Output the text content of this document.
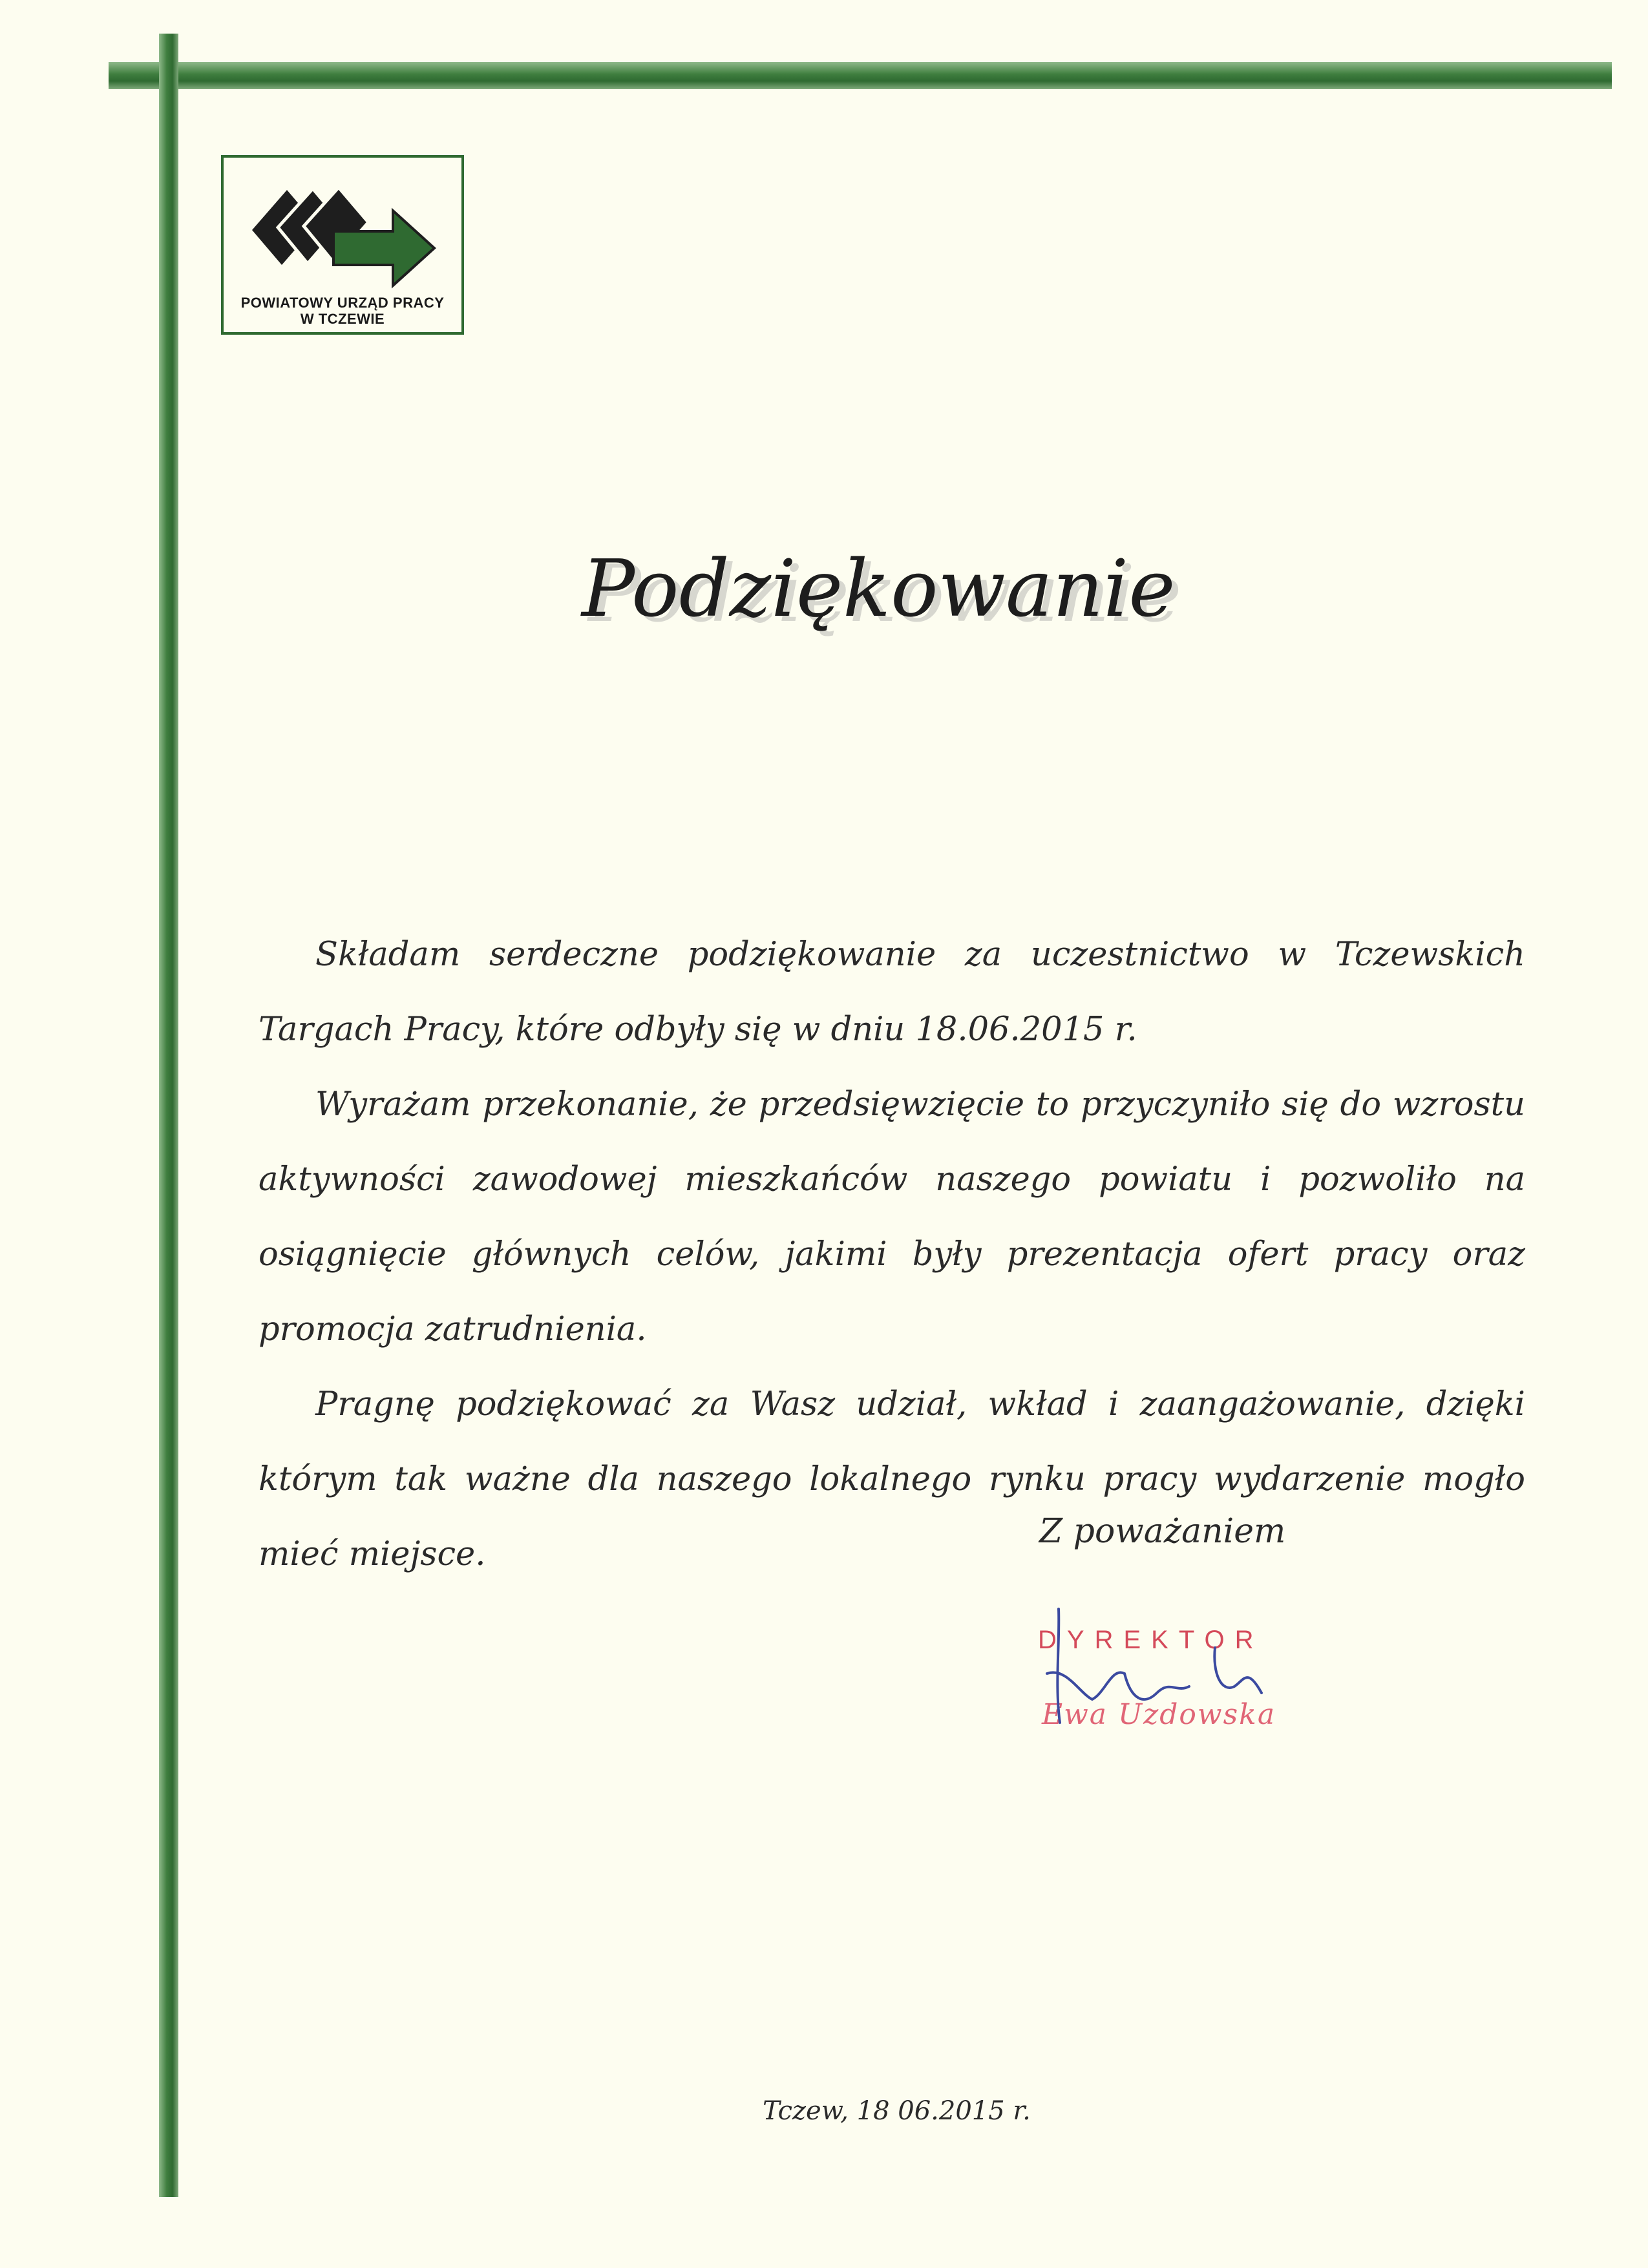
POWIATOWY URZĄD PRACY
W TCZEWIE
Podziękowanie

Składam serdeczne podziękowanie za uczestnictwo w Tczewskich Targach Pracy, które odbyły się w dniu 18.06.2015 r.

Wyrażam przekonanie, że przedsięwzięcie to przyczyniło się do wzrostu aktywności zawodowej mieszkańców naszego powiatu i pozwoliło na osiągnięcie głównych celów, jakimi były prezentacja ofert pracy oraz promocja zatrudnienia.

Pragnę podziękować za Wasz udział, wkład i zaangażowanie, dzięki którym tak ważne dla naszego lokalnego rynku pracy wydarzenie mogło mieć miejsce.

Z poważaniem
DYREKTOR
Ewa Uzdowska
Tczew, 18 06.2015 r.
